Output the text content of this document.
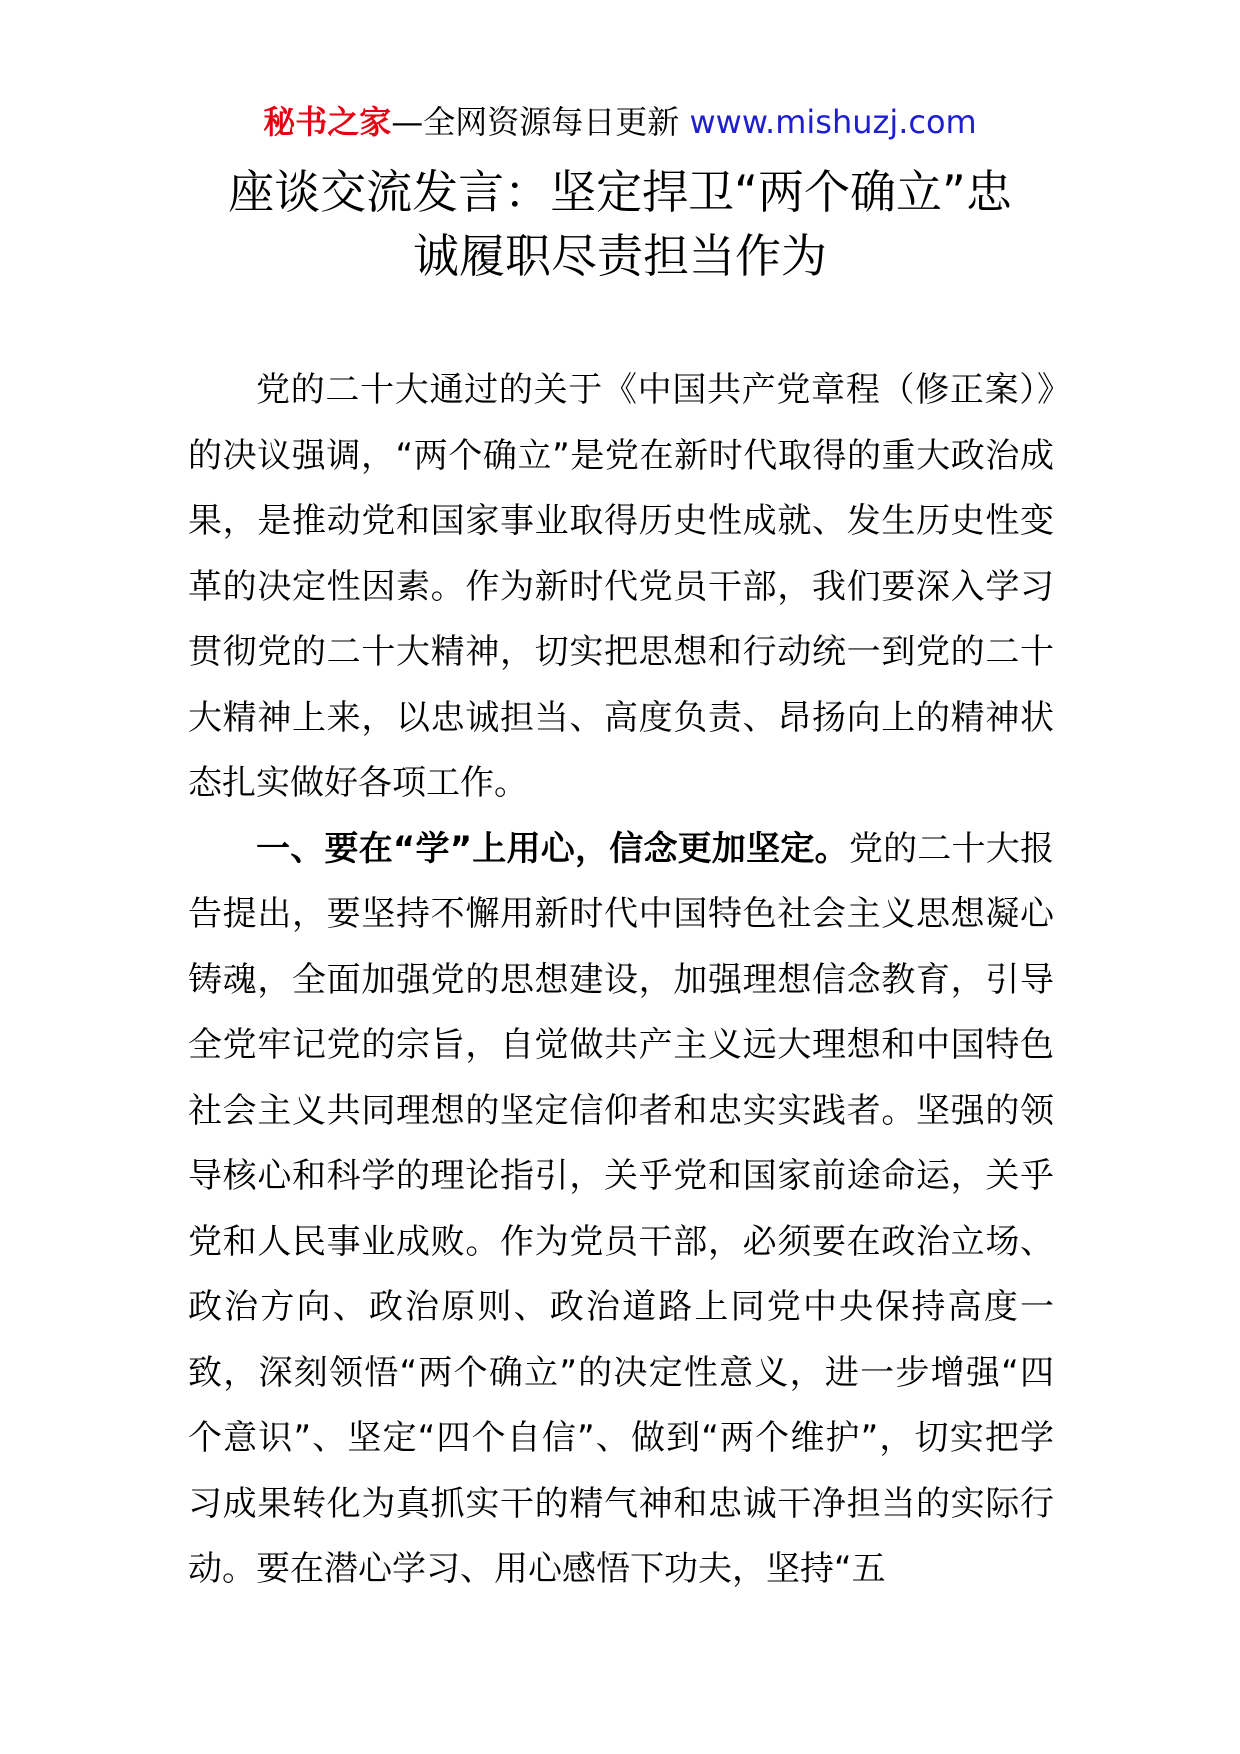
秘书之家—全网资源每日更新 www.mishuzj.com
座谈交流发言：坚定捍卫“两个确立”忠
诚履职尽责担当作为

党的二十大通过的关于《中国共产党章程（修正案）》的决议强调，“两个确立”是党在新时代取得的重大政治成果，是推动党和国家事业取得历史性成就、发生历史性变革的决定性因素。作为新时代党员干部，我们要深入学习贯彻党的二十大精神，切实把思想和行动统一到党的二十大精神上来，以忠诚担当、高度负责、昂扬向上的精神状态扎实做好各项工作。

一、要在“学”上用心，信念更加坚定。党的二十大报告提出，要坚持不懈用新时代中国特色社会主义思想凝心铸魂，全面加强党的思想建设，加强理想信念教育，引导全党牢记党的宗旨，自觉做共产主义远大理想和中国特色社会主义共同理想的坚定信仰者和忠实实践者。坚强的领导核心和科学的理论指引，关乎党和国家前途命运，关乎党和人民事业成败。作为党员干部，必须要在政治立场、政治方向、政治原则、政治道路上同党中央保持高度一致，深刻领悟“两个确立”的决定性意义，进一步增强“四个意识”、坚定“四个自信”、做到“两个维护”，切实把学习成果转化为真抓实干的精气神和忠诚干净担当的实际行动。要在潜心学习、用心感悟下功夫，坚持“五
